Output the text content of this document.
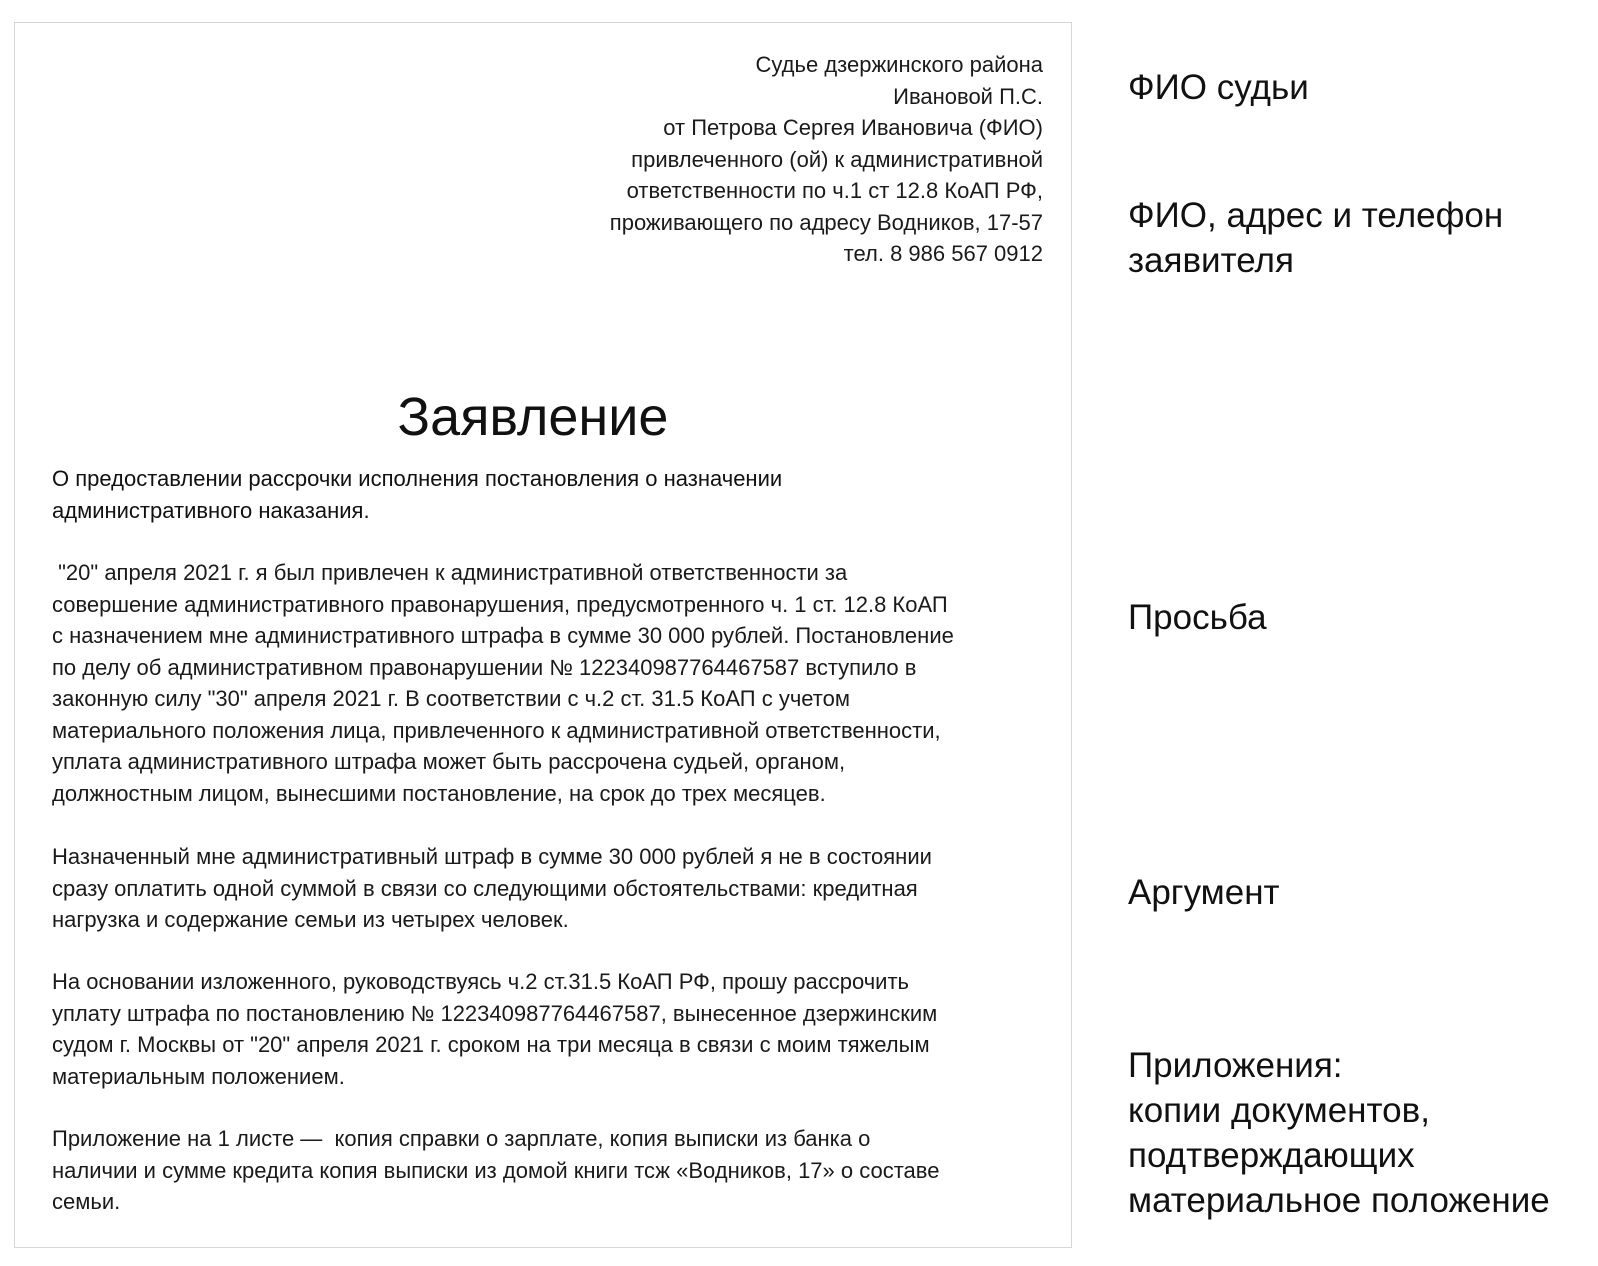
Судье дзержинского района
Ивановой П.С.
от Петрова Сергея Ивановича (ФИО)
привлеченного (ой) к административной
ответственности по ч.1 ст 12.8 КоАП РФ,
проживающего по адресу Водников, 17-57
тел. 8 986 567 0912
Заявление
О предоставлении рассрочки исполнения постановления о назначении
административного наказания.
"20" апреля 2021 г. я был привлечен к административной ответственности за
совершение административного правонарушения, предусмотренного ч. 1 ст. 12.8 КоАП
с назначением мне административного штрафа в сумме 30 000 рублей. Постановление
по делу об административном правонарушении № 122340987764467587 вступило в
законную силу "30" апреля 2021 г. В соответствии с ч.2 ст. 31.5 КоАП с учетом
материального положения лица, привлеченного к административной ответственности,
уплата административного штрафа может быть рассрочена судьей, органом,
должностным лицом, вынесшими постановление, на срок до трех месяцев.
Назначенный мне административный штраф в сумме 30 000 рублей я не в состоянии
сразу оплатить одной суммой в связи со следующими обстоятельствами: кредитная
нагрузка и содержание семьи из четырех человек.
На основании изложенного, руководствуясь ч.2 ст.31.5 КоАП РФ, прошу рассрочить
уплату штрафа по постановлению № 122340987764467587, вынесенное дзержинским
судом г. Москвы от "20" апреля 2021 г. сроком на три месяца в связи с моим тяжелым
материальным положением.
Приложение на 1 листе —  копия справки о зарплате, копия выписки из банка о
наличии и сумме кредита копия выписки из домой книги тсж «Водников, 17» о составе
семьи.
ФИО судьи
ФИО, адрес и телефон
заявителя
Просьба
Аргумент
Приложения:
копии документов,
подтверждающих
материальное положение
